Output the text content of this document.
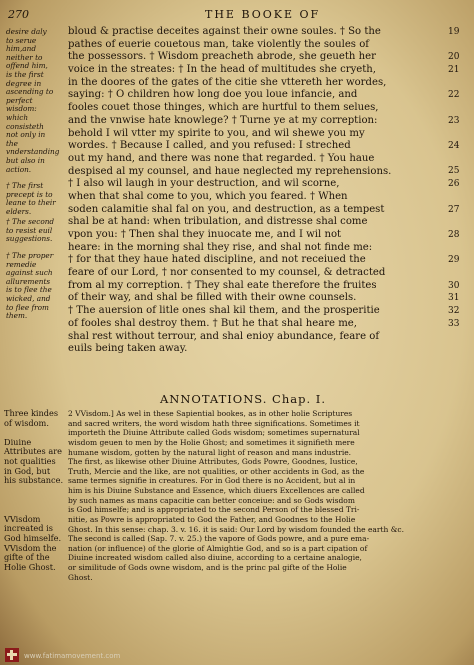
270	THE BOOKE OF
desire daly to serue him,and neither to offend him, is the first degree in ascending to perfect wisdom: which consisteth not only in the vnderstanding but also in action.
† The first precept is to leane to their elders.
† The second to resist euil suggestions.
† The proper remedie against such allurements is to flee the wicked, and to flee from them.
bloud & practise deceites against their owne soules. † So the
pathes of euerie couetous man, take violently the soules of
the possessors. † Wisdom preacheth abrode, she geueth her
voice in the streates: † In the head of multitudes she cryeth,
in the doores of the gates of the citie she vttereth her wordes,
saying: † O children how long doe you loue infancie, and
fooles couet those thinges, which are hurtful to them selues,
and the vnwise hate knowlege? † Turne ye at my correption:
behold I wil vtter my spirite to you, and wil shewe you my
wordes. † Because I called, and you refused: I streched
out my hand, and there was none that regarded. † You haue
despised al my counsel, and haue neglected my reprehensions.
† I also wil laugh in your destruction, and wil scorne,
when that shal come to you, which you feared. † When
soden calamitie shal fal on you, and destruction, as a tempest
shal be at hand: when tribulation, and distresse shal come
vpon you: † Then shal they inuocate me, and I wil not
heare: in the morning shal they rise, and shal not finde me:
† for that they haue hated discipline, and not receiued the
feare of our Lord, † nor consented to my counsel, & detracted
from al my correption. † They shal eate therefore the fruites
of their way, and shal be filled with their owne counsels.
† The auersion of litle ones shal kil them, and the prosperitie
of fooles shal destroy them. † But he that shal heare me,
shal rest without terrour, and shal enioy abundance, feare of
euils being taken away.
19
20
21
22
23
24
25
26
27
28
29
30
31
32
33
ANNOTATIONS. Chap. I.
Three kindes of wisdom.
Diuine Attributes are not qualities in God, but his substance.
VVisdom increated is God himselfe.
VVisdom the gifte of the Holie Ghost.
2 VVisdom.] As wel in these Sapiential bookes, as in other holie Scriptures
and sacred writers, the word wisdom hath three significations. Sometimes it
importeth the Diuine Attribute called Gods wisdom; sometimes supernatural
wisdom geuen to men by the Holie Ghost; and sometimes it signifieth mere
humane wisdom, gotten by the natural light of reason and mans industrie.
The first, as likewise other Diuine Attributes, Gods Powre, Goodnes, Iustice,
Truth, Mercie and the like, are not qualities, or other accidents in God, as the
same termes signifie in creatures. For in God there is no Accident, but al in
him is his Diuine Substance and Essence, which diuers Excellences are called
by such names as mans capacitie can better conceiue: and so Gods wisdom
is God himselfe; and is appropriated to the second Person of the blessed Tri-
nitie, as Powre is appropriated to God the Father, and Goodnes to the Holie
Ghost. In this sense: chap. 3. v. 16. it is said: Our Lord by wisdom founded the earth &c.
The second is called (Sap. 7. v. 25.) the vapore of Gods powre, and a pure ema-
nation (or influence) of the glorie of Almightie God, and so is a part cipation of
Diuine increated wisdom called also diuine, according to a certaine analogie,
or similitude of Gods owne wisdom, and is the princ pal gifte of the Holie
Ghost.
www.fatimamovement.com
